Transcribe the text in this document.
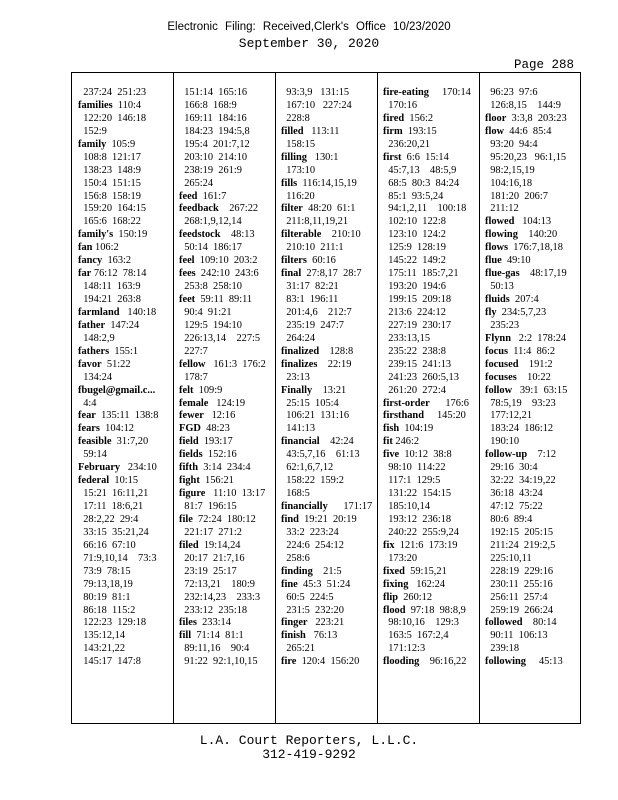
Electronic Filing: Received,Clerk's Office 10/23/2020
September 30, 2020
Page 288
237:24  251:23
families  110:4
122:20  146:18
152:9
family  105:9
108:8  121:17
138:23  148:9
150:4  151:15
156:8  158:19
159:20  164:15
165:6  168:22
family's  150:19
fan 106:2
fancy  163:2
far 76:12  78:14
148:11  163:9
194:21  263:8
farmland   140:18
father  147:24
148:2,9
fathers  155:1
favor  51:22
134:24
fbugel@gmail.c...
4:4
fear  135:11  138:8
fears  104:12
feasible  31:7,20
59:14
February   234:10
federal  10:15
15:21  16:11,21
17:11  18:6,21
28:2,22  29:4
33:15  35:21,24
66:16  67:10
71:9,10,14    73:3
73:9  78:15
79:13,18,19
80:19  81:1
86:18  115:2
122:23  129:18
135:12,14
143:21,22
145:17  147:8
151:14  165:16
166:8  168:9
169:11  184:16
184:23  194:5,8
195:4  201:7,12
203:10  214:10
238:19  261:9
265:24
feed  161:7
feedback    267:22
268:1,9,12,14
feedstock    48:13
50:14  186:17
feel  109:10  203:2
fees  242:10  243:6
253:8  258:10
feet  59:11  89:11
90:4  91:21
129:5  194:10
226:13,14    227:5
227:7
fellow   161:3  176:2
178:7
felt  109:9
female   124:19
fewer   12:16
FGD  48:23
field  193:17
fields  152:16
fifth  3:14  234:4
fight  156:21
figure   11:10  13:17
81:7  196:15
file  72:24  180:12
221:17  271:2
filed  19:14,24
20:17  21:7,16
23:19  25:17
72:13,21    180:9
232:14,23    233:3
233:12  235:18
files  233:14
fill  71:14  81:1
89:11,16    90:4
91:22  92:1,10,15
93:3,9   131:15
167:10   227:24
228:8
filled   113:11
158:15
filling   130:1
173:10
fills  116:14,15,19
116:20
filter  48:20  61:1
211:8,11,19,21
filterable    210:10
210:10  211:1
filters  60:16
final  27:8,17  28:7
31:17  82:21
83:1  196:11
201:4,6    212:7
235:19  247:7
264:24
finalized    128:8
finalizes    22:19
23:13
Finally    13:21
25:15  105:4
106:21  131:16
141:13
financial    42:24
43:5,7,16    61:13
62:1,6,7,12
158:22  159:2
168:5
financially      171:17
find  19:21  20:19
33:2  223:24
224:6  254:12
258:6
finding    21:5
fine  45:3  51:24
60:5  224:5
231:5  232:20
finger   223:21
finish   76:13
265:21
fire  120:4  156:20
fire-eating     170:14
170:16
fired  156:2
firm  193:15
236:20,21
first  6:6  15:14
45:7,13    48:5,9
68:5  80:3  84:24
85:1  93:5,24
94:1,2,11    100:18
102:10  122:8
123:10  124:2
125:9  128:19
145:22  149:2
175:11  185:7,21
193:20  194:6
199:15  209:18
213:6  224:12
227:19  230:17
233:13,15
235:22  238:8
239:15  241:13
241:23  260:5,13
261:20  272:4
first-order      176:6
firsthand     145:20
fish  104:19
fit 246:2
five  10:12  38:8
98:10  114:22
117:1  129:5
131:22  154:15
185:10,14
193:12  236:18
240:22  255:9,24
fix  121:6  173:19
173:20
fixed  59:15,21
fixing   162:24
flip  260:12
flood  97:18  98:8,9
98:10,16    129:3
163:5  167:2,4
171:12:3
flooding    96:16,22
96:23  97:6
126:8,15    144:9
floor  3:3,8  203:23
flow  44:6  85:4
93:20  94:4
95:20,23   96:1,15
98:2,15,19
104:16,18
181:20  206:7
211:12
flowed   104:13
flowing    140:20
flows  176:7,18,18
flue  49:10
flue-gas    48:17,19
50:13
fluids  207:4
fly  234:5,7,23
235:23
Flynn   2:2  178:24
focus  11:4  86:2
focused    191:2
focuses    10:22
follow   39:1  63:15
78:5,19    93:23
177:12,21
183:24  186:12
190:10
follow-up    7:12
29:16  30:4
32:22  34:19,22
36:18  43:24
47:12  75:22
80:6  89:4
192:15  205:15
211:24  219:2,5
225:10,11
228:19  229:16
230:11  255:16
256:11  257:4
259:19  266:24
followed    80:14
90:11  106:13
239:18
following     45:13
L.A. Court Reporters, L.L.C.
312-419-9292
